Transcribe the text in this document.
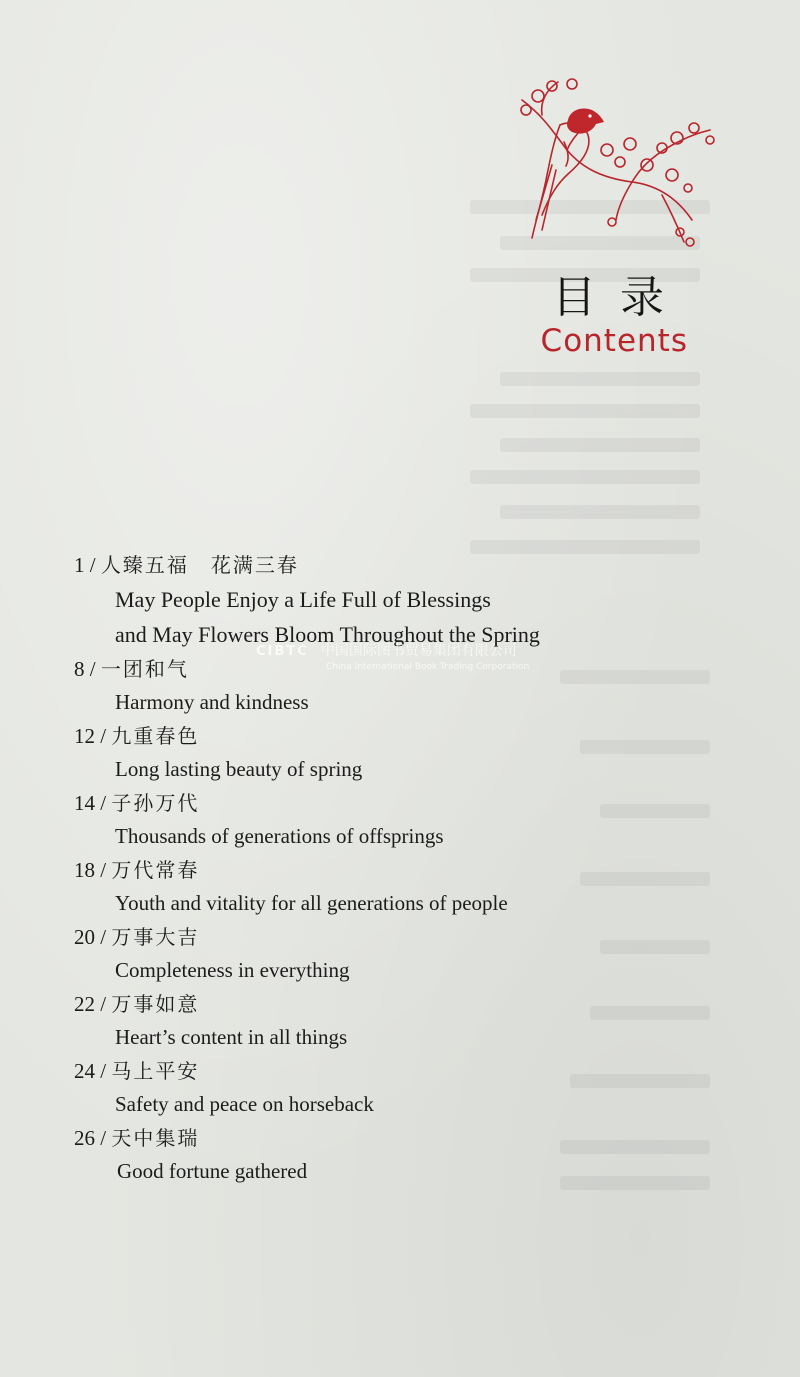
目录
Contents
1 / 人臻五福　花满三春
May People Enjoy a Life Full of Blessings
and May Flowers Bloom Throughout the Spring
8 / 一团和气
Harmony and kindness
12 / 九重春色
Long lasting beauty of spring
14 / 子孙万代
Thousands of generations of offsprings
18 / 万代常春
Youth and vitality for all generations of people
20 / 万事大吉
Completeness in everything
22 / 万事如意
Heart’s content in all things
24 / 马上平安
Safety and peace on horseback
26 / 天中集瑞
Good fortune gathered
CIBTC 中国国际图书贸易集团有限公司
China International Book Trading Corporation
